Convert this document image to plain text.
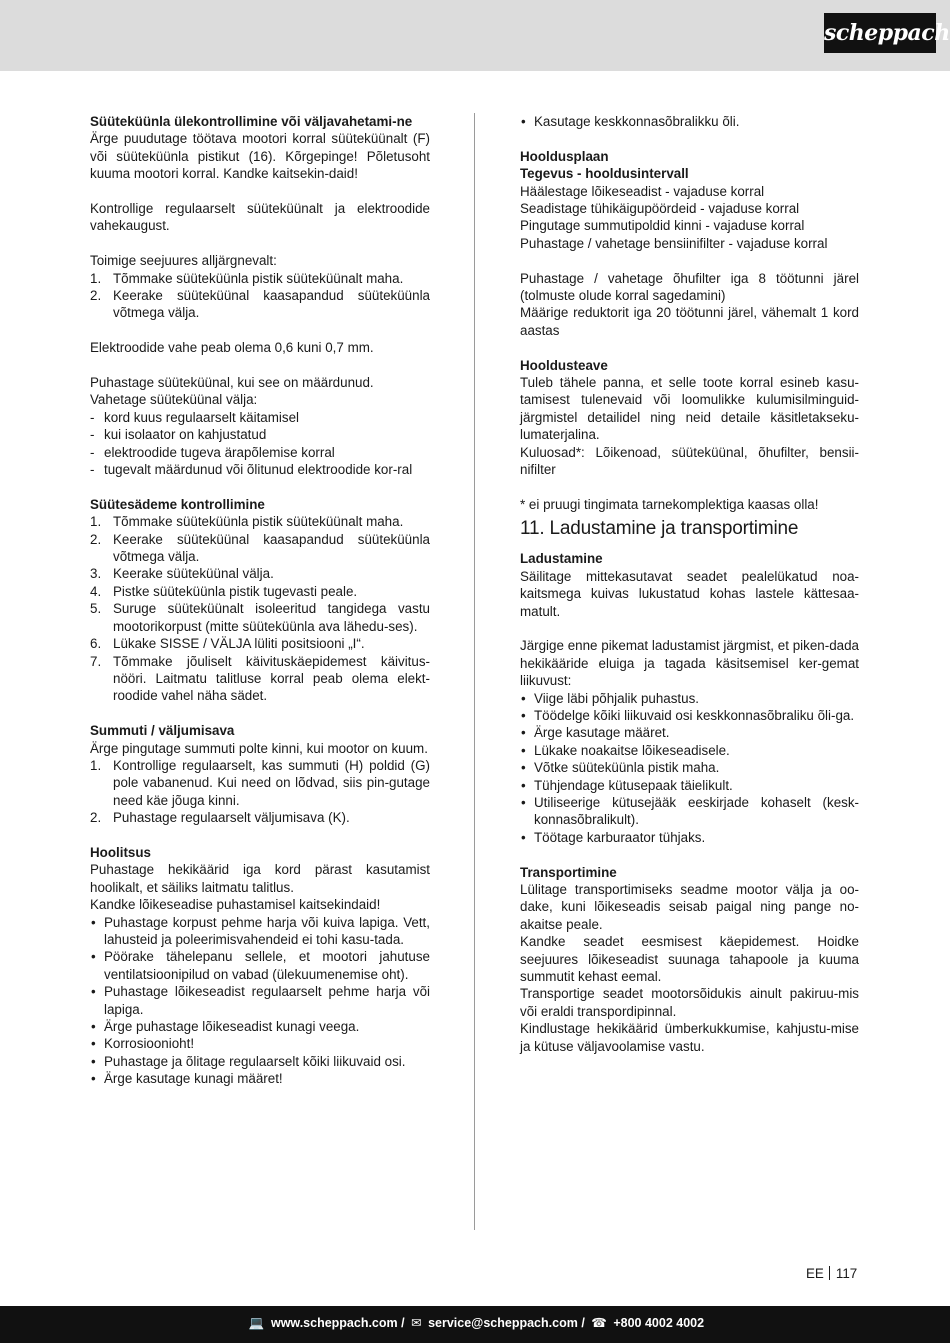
scheppach
Süüteküünla ülekontrollimine või väljavahetami-ne

Ärge puudutage töötava mootori korral süüteküünalt (F) või süüteküünla pistikut (16). Kõrgepinge! Põletusoht kuuma mootori korral. Kandke kaitsekin-daid!

Kontrollige regulaarselt süüteküünalt ja elektroodide vahekaugust.

Toimige seejuures alljärgnevalt:

1. Tõmmake süüteküünla pistik süüteküünalt maha.
2. Keerake süüteküünal kaasapandud süüteküünla võtmega välja.

Elektroodide vahe peab olema 0,6 kuni 0,7 mm.

Puhastage süüteküünal, kui see on määrdunud.

Vahetage süüteküünal välja:

- kord kuus regulaarselt käitamisel
- kui isolaator on kahjustatud
- elektroodide tugeva ärapõlemise korral
- tugevalt määrdunud või õlitunud elektroodide kor-ral
Süütesädeme kontrollimine
1. Tõmmake süüteküünla pistik süüteküünalt maha.
2. Keerake süüteküünal kaasapandud süüteküünla võtmega välja.
3. Keerake süüteküünal välja.
4. Pistke süüteküünla pistik tugevasti peale.
5. Suruge süüteküünalt isoleeritud tangidega vastu mootorikorpust (mitte süüteküünla ava lähedu-ses).
6. Lükake SISSE / VÄLJA lüliti positsiooni „I“.
7. Tõmmake jõuliselt käivituskäepidemest käivitus-nööri. Laitmatu talitluse korral peab olema elekt-roodide vahel näha sädet.
Summuti / väljumisava

Ärge pingutage summuti polte kinni, kui mootor on kuum.

1. Kontrollige regulaarselt, kas summuti (H) poldid (G) pole vabanenud. Kui need on lõdvad, siis pin-gutage need käe jõuga kinni.
2. Puhastage regulaarselt väljumisava (K).
Hoolitsus

Puhastage hekikäärid iga kord pärast kasutamist hoolikalt, et säiliks laitmatu talitlus.

Kandke lõikeseadise puhastamisel kaitsekindaid!

• Puhastage korpust pehme harja või kuiva lapiga. Vett, lahusteid ja poleerimisvahendeid ei tohi kasu-tada.
• Pöörake tähelepanu sellele, et mootori jahutuse ventilatsioonipilud on vabad (ülekuumenemise oht).
• Puhastage lõikeseadist regulaarselt pehme harja või lapiga.
• Ärge puhastage lõikeseadist kunagi veega.
• Korrosioonioht!
• Puhastage ja õlitage regulaarselt kõiki liikuvaid osi.
• Ärge kasutage kunagi määret!
• Kasutage keskkonnasõbralikku õli.
Hooldusplaan
Tegevus - hooldusintervall
Häälestage lõikeseadist - vajaduse korral
Seadistage tühikäigupöördeid - vajaduse korral
Pingutage summutipoldid kinni - vajaduse korral
Puhastage / vahetage bensiinifilter - vajaduse korral

Puhastage / vahetage õhufilter iga 8 töötunni järel (tolmuste olude korral sagedamini)

Määrige reduktorit iga 20 töötunni järel, vähemalt 1 kord aastas

Hooldusteave

Tuleb tähele panna, et selle toote korral esineb kasu-tamisest tulenevaid või loomulikke kulumisilminguid-järgmistel detailidel ning neid detaile käsitletakseku-lumaterjalina.

Kuluosad*: Lõikenoad, süüteküünal, õhufilter, bensii-nifilter

* ei pruugi tingimata tarnekomplektiga kaasas olla!

11. Ladustamine ja transportimine
Ladustamine

Säilitage mittekasutavat seadet pealelükatud noa-kaitsmega kuivas lukustatud kohas lastele kättesaa-matult.

Järgige enne pikemat ladustamist järgmist, et piken-dada hekikääride eluiga ja tagada käsitsemisel ker-gemat liikuvust:

• Viige läbi põhjalik puhastus.
• Töödelge kõiki liikuvaid osi keskkonnasõbraliku õli-ga.
• Ärge kasutage määret.
• Lükake noakaitse lõikeseadisele.
• Võtke süüteküünla pistik maha.
• Tühjendage kütusepaak täielikult.
• Utiliseerige kütusejääk eeskirjade kohaselt (kesk-konnasõbralikult).
• Töötage karburaator tühjaks.
Transportimine

Lülitage transportimiseks seadme mootor välja ja oo-dake, kuni lõikeseadis seisab paigal ning pange no-akaitse peale.

Kandke seadet eesmisest käepidemest. Hoidke seejuures lõikeseadist suunaga tahapoole ja kuuma summutit kehast eemal.

Transportige seadet mootorsõidukis ainult pakiruu-mis või eraldi transpordipinnal.

Kindlustage hekikäärid ümberkukkumise, kahjustu-mise ja kütuse väljavoolamise vastu.

EE 117
💻 www.scheppach.com / ✉ service@scheppach.com / ☎ +800 4002 4002
